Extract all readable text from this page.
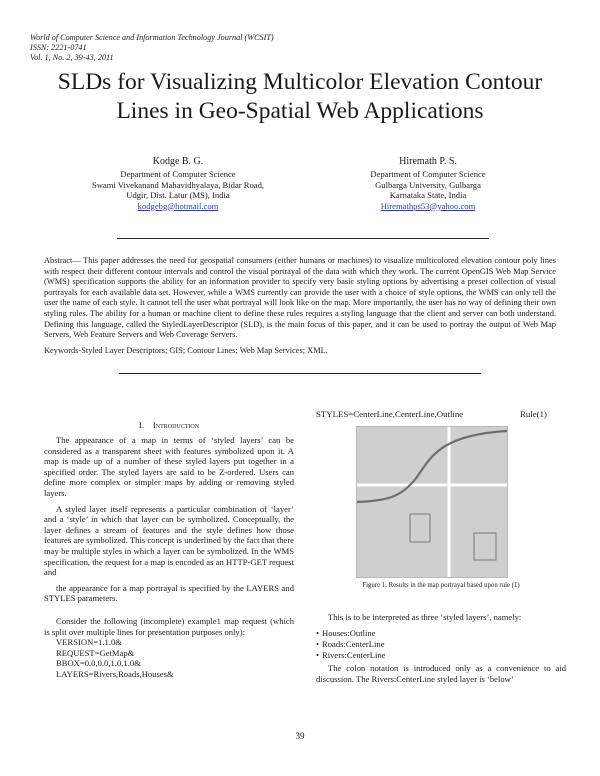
World of Computer Science and Information Technology Journal (WCSIT)
ISSN: 2221-0741
Vol. 1, No. 2, 39-43, 2011
SLDs for Visualizing Multicolor Elevation Contour
Lines in Geo-Spatial Web Applications
Kodge B. G.
Department of Computer Science
Swami Vivekanand Mahavidhyalaya, Bidar Road,
Udgir, Dist. Latur (MS), India
kodgebg@hotmail.com
Hiremath P. S.
Department of Computer Science
Gulbarga University, Gulbarga
Karnataka State, India
Hiremathps53@yahoo.com
Abstract— This paper addresses the need for geospatial consumers (either humans or machines) to visualize multicolored elevation contour poly lines with respect their different contour intervals and control the visual portrayal of the data with which they work. The current OpenGIS Web Map Service (WMS) specification supports the ability for an information provider to specify very basic styling options by advertising a preset collection of visual portrayals for each available data set. However, while a WMS currently can provide the user with a choice of style options, the WMS can only tell the user the name of each style. It cannot tell the user what portrayal will look like on the map. More importantly, the user has no way of defining their own styling rules. The ability for a human or machine client to define these rules requires a styling language that the client and server can both understand. Defining this language, called the StyledLayerDescriptor (SLD), is the main focus of this paper, and it can be used to portray the output of Web Map Servers, Web Feature Servers and Web Coverage Servers.
Keywords-Styled Layer Descriptors; GIS; Contour Lines; Web Map Services; XML.
I. Introduction

The appearance of a map in terms of ‘styled layers’ can be considered as a transparent sheet with features symbolized upon it. A map is made up of a number of these styled layers put together in a specified order. The styled layers are said to be Z-ordered. Users can define more complex or simpler maps by adding or removing styled layers.

A styled layer itself represents a particular combination of ‘layer’ and a ‘style’ in which that layer can be symbolized. Conceptually, the layer defines a stream of features and the style defines how those features are symbolized. This concept is underlined by the fact that there may be multiple styles in which a layer can be symbolized. In the WMS specification, the request for a map is encoded as an HTTP-GET request and

the appearance for a map portrayal is specified by the LAYERS and STYLES parameters.

Consider the following (incomplete) example1 map request (which is split over multiple lines for presentation purposes only):

VERSION=1.1.0&
REQUEST=GetMap&
BBOX=0.0,0.0,1.0,1.0&
LAYERS=Rivers,Roads,Houses&
STYLES=CenterLine,CenterLine,Outline	Rule(1)
Figure 1. Results in the map portrayal based upon rule (1)

This is to be interpreted as three ‘styled layers’, namely:

• Houses:Outline
• Roads:CenterLine
• Rivers:CenterLine

The colon notation is introduced only as a convenience to aid discussion. The Rivers:CenterLine styled layer is ‘below’

39
